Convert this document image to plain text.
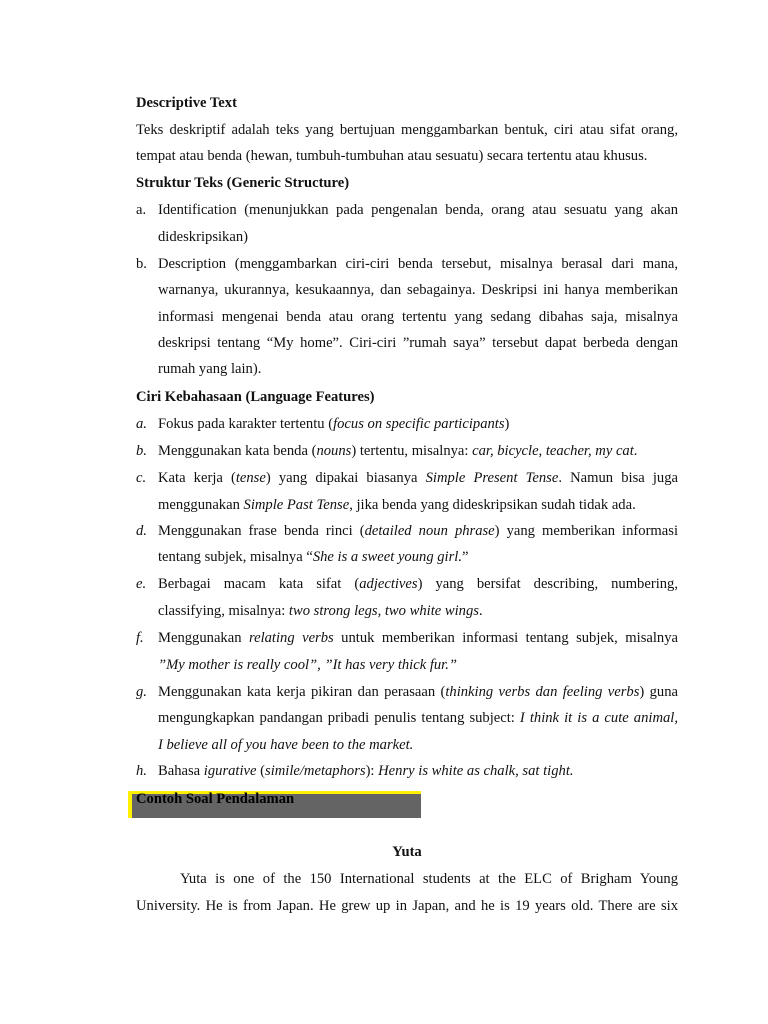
Descriptive Text
Teks deskriptif adalah teks yang bertujuan menggambarkan bentuk, ciri atau sifat orang,
tempat atau benda (hewan, tumbuh-tumbuhan atau sesuatu) secara tertentu atau khusus.
Struktur Teks (Generic Structure)
a. Identification (menunjukkan pada pengenalan benda, orang atau sesuatu yang akan
dideskripsikan)
b. Description (menggambarkan ciri-ciri benda tersebut, misalnya berasal dari mana,
warnanya, ukurannya, kesukaannya, dan sebagainya. Deskripsi ini hanya memberikan
informasi mengenai benda atau orang tertentu yang sedang dibahas saja, misalnya
deskripsi tentang “My home”. Ciri-ciri ”rumah saya” tersebut dapat berbeda dengan
rumah yang lain).
Ciri Kebahasaan (Language Features)
a. Fokus pada karakter tertentu (focus on specific participants)
b. Menggunakan kata benda (nouns) tertentu, misalnya: car, bicycle, teacher, my cat.
c. Kata kerja (tense) yang dipakai biasanya Simple Present Tense. Namun bisa juga
menggunakan Simple Past Tense, jika benda yang dideskripsikan sudah tidak ada.
d. Menggunakan frase benda rinci (detailed noun phrase) yang memberikan informasi
tentang subjek, misalnya “She is a sweet young girl.”
e. Berbagai macam kata sifat (adjectives) yang bersifat describing, numbering,
classifying, misalnya: two strong legs, two white wings.
f. Menggunakan relating verbs untuk memberikan informasi tentang subjek, misalnya
”My mother is really cool”, ”It has very thick fur.”
g. Menggunakan kata kerja pikiran dan perasaan (thinking verbs dan feeling verbs) guna
mengungkapkan pandangan pribadi penulis tentang subject: I think it is a cute animal,
I believe all of you have been to the market.
h. Bahasa igurative (simile/metaphors): Henry is white as chalk, sat tight.
Contoh Soal Pendalaman
Yuta
Yuta is one of the 150 International students at the ELC of Brigham Young
University. He is from Japan. He grew up in Japan, and he is 19 years old. There are six
